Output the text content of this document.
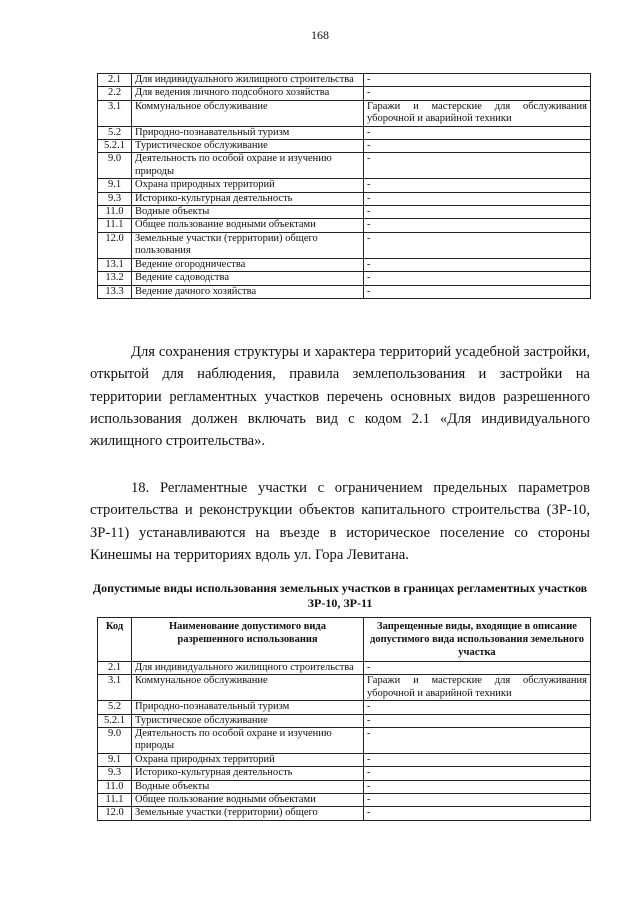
168
2.1	Для индивидуального жилищного строительства	-
2.2	Для ведения личного подсобного хозяйства	-
3.1	Коммунальное обслуживание	Гаражи и мастерские для обслуживания уборочной и аварийной техники
5.2	Природно-познавательный туризм	-
5.2.1	Туристическое обслуживание	-
9.0	Деятельность по особой охране и изучению природы	-
9.1	Охрана природных территорий	-
9.3	Историко-культурная деятельность	-
11.0	Водные объекты	-
11.1	Общее пользование водными объектами	-
12.0	Земельные участки (территории) общего пользования	-
13.1	Ведение огородничества	-
13.2	Ведение садоводства	-
13.3	Ведение дачного хозяйства	-

Для сохранения структуры и характера территорий усадебной застройки, открытой для наблюдения, правила землепользования и застройки на территории регламентных участков перечень основных видов разрешенного использования должен включать вид с кодом 2.1 «Для индивидуального жилищного строительства».

18. Регламентные участки с ограничением предельных параметров строительства и реконструкции объектов капитального строительства (ЗР-10, ЗР-11) устанавливаются на въезде в историческое поселение со стороны Кинешмы на территориях вдоль ул. Гора Левитана.

Допустимые виды использования земельных участков в границах регламентных участков ЗР-10, ЗР-11

Код	Наименование допустимого вида разрешенного использования	Запрещенные виды, входящие в описание допустимого вида использования земельного участка
2.1	Для индивидуального жилищного строительства	-
3.1	Коммунальное обслуживание	Гаражи и мастерские для обслуживания уборочной и аварийной техники
5.2	Природно-познавательный туризм	-
5.2.1	Туристическое обслуживание	-
9.0	Деятельность по особой охране и изучению природы	-
9.1	Охрана природных территорий	-
9.3	Историко-культурная деятельность	-
11.0	Водные объекты	-
11.1	Общее пользование водными объектами	-
12.0	Земельные участки (территории) общего	-
